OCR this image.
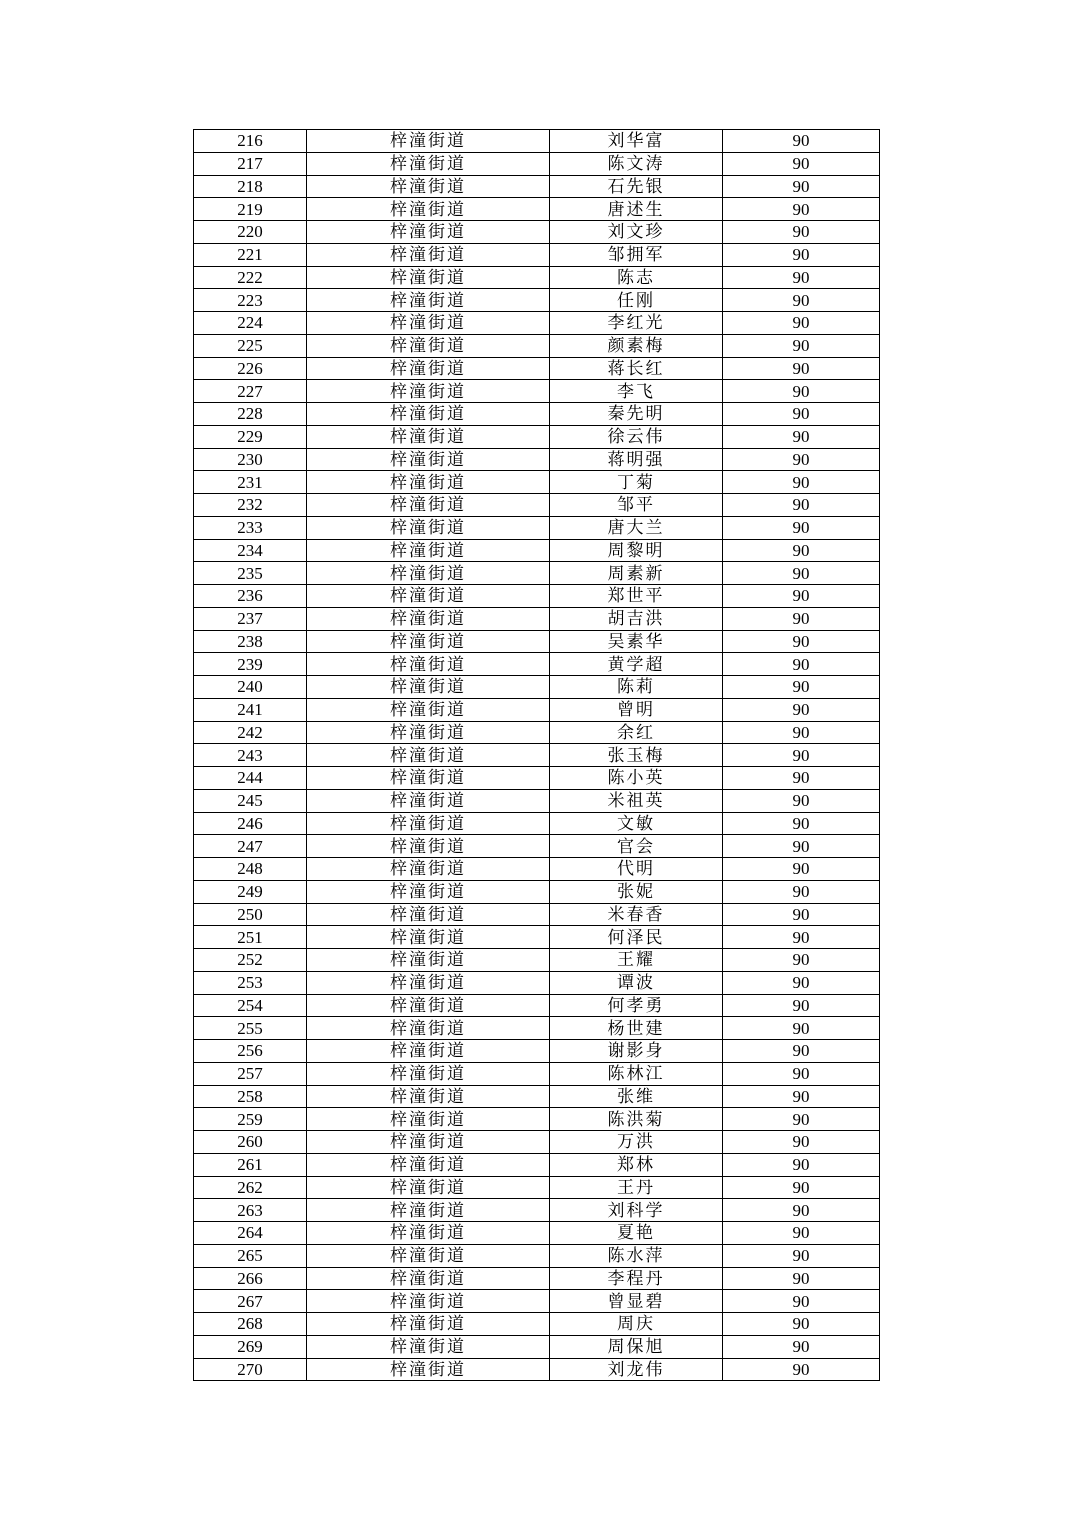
216	梓潼街道	刘华富	90
217	梓潼街道	陈文涛	90
218	梓潼街道	石先银	90
219	梓潼街道	唐述生	90
220	梓潼街道	刘文珍	90
221	梓潼街道	邹拥军	90
222	梓潼街道	陈志	90
223	梓潼街道	任刚	90
224	梓潼街道	李红光	90
225	梓潼街道	颜素梅	90
226	梓潼街道	蒋长红	90
227	梓潼街道	李飞	90
228	梓潼街道	秦先明	90
229	梓潼街道	徐云伟	90
230	梓潼街道	蒋明强	90
231	梓潼街道	丁菊	90
232	梓潼街道	邹平	90
233	梓潼街道	唐大兰	90
234	梓潼街道	周黎明	90
235	梓潼街道	周素新	90
236	梓潼街道	郑世平	90
237	梓潼街道	胡吉洪	90
238	梓潼街道	吴素华	90
239	梓潼街道	黄学超	90
240	梓潼街道	陈莉	90
241	梓潼街道	曾明	90
242	梓潼街道	余红	90
243	梓潼街道	张玉梅	90
244	梓潼街道	陈小英	90
245	梓潼街道	米祖英	90
246	梓潼街道	文敏	90
247	梓潼街道	官会	90
248	梓潼街道	代明	90
249	梓潼街道	张妮	90
250	梓潼街道	米春香	90
251	梓潼街道	何泽民	90
252	梓潼街道	王耀	90
253	梓潼街道	谭波	90
254	梓潼街道	何孝勇	90
255	梓潼街道	杨世建	90
256	梓潼街道	谢影身	90
257	梓潼街道	陈林江	90
258	梓潼街道	张维	90
259	梓潼街道	陈洪菊	90
260	梓潼街道	万洪	90
261	梓潼街道	郑林	90
262	梓潼街道	王丹	90
263	梓潼街道	刘科学	90
264	梓潼街道	夏艳	90
265	梓潼街道	陈水萍	90
266	梓潼街道	李程丹	90
267	梓潼街道	曾显碧	90
268	梓潼街道	周庆	90
269	梓潼街道	周保旭	90
270	梓潼街道	刘龙伟	90
